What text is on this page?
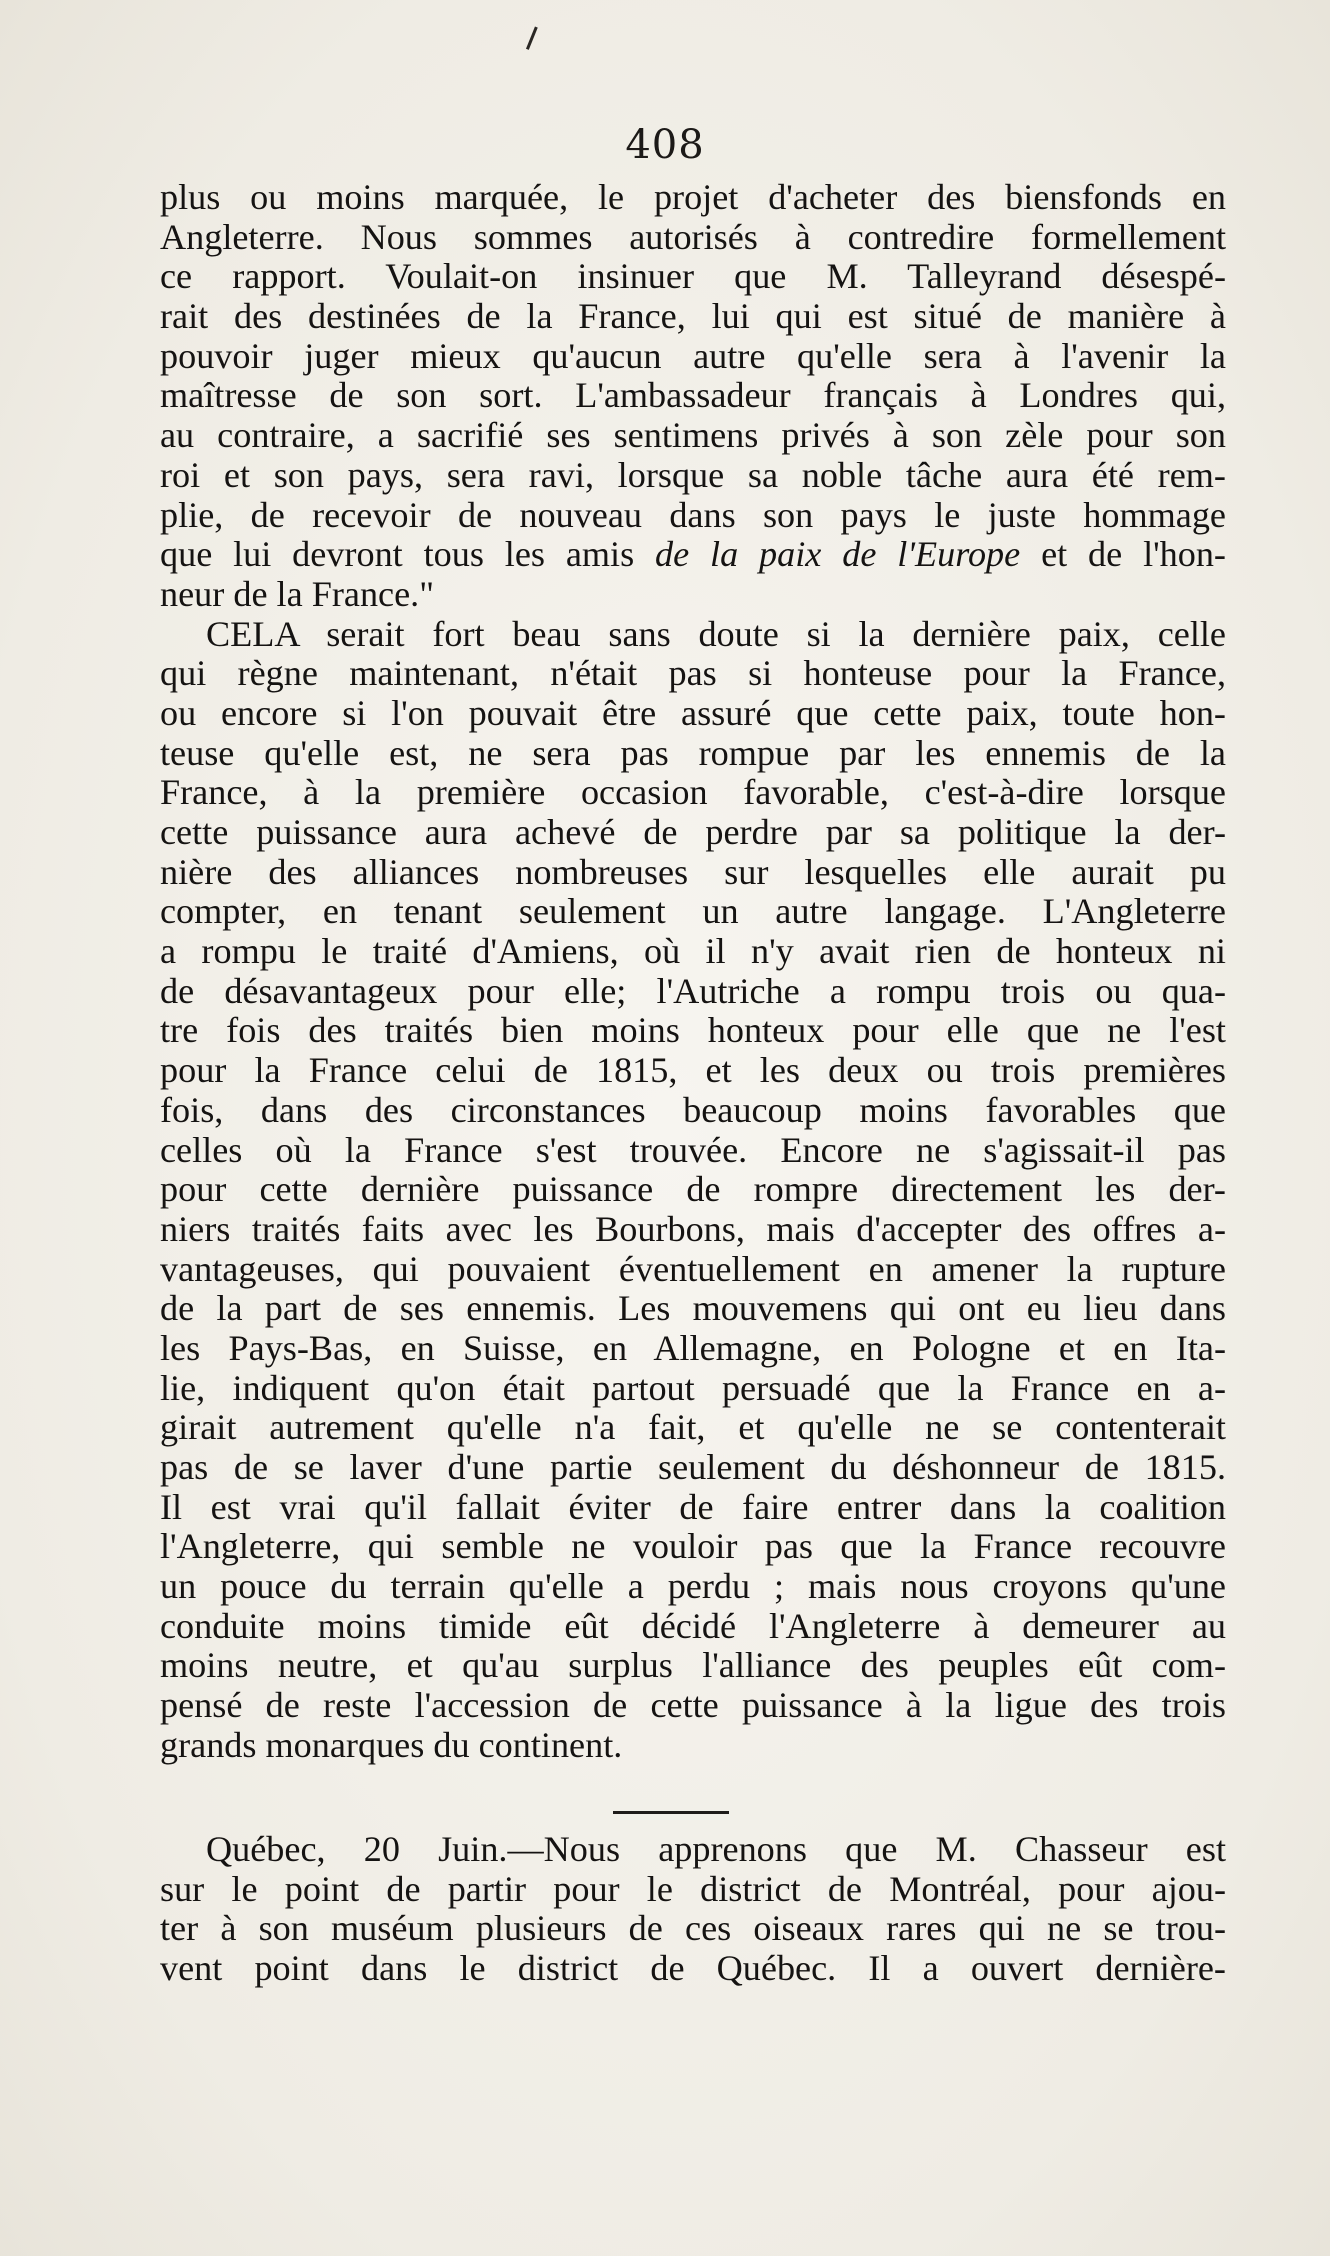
408
plus ou moins marquée, le projet d'acheter des biensfonds en
Angleterre. Nous sommes autorisés à contredire formellement
ce rapport. Voulait-on insinuer que M. Talleyrand désespé-
rait des destinées de la France, lui qui est situé de manière à
pouvoir juger mieux qu'aucun autre qu'elle sera à l'avenir la
maîtresse de son sort. L'ambassadeur français à Londres qui,
au contraire, a sacrifié ses sentimens privés à son zèle pour son
roi et son pays, sera ravi, lorsque sa noble tâche aura été rem-
plie, de recevoir de nouveau dans son pays le juste hommage
que lui devront tous les amis de la paix de l'Europe et de l'hon-
neur de la France."
CELA serait fort beau sans doute si la dernière paix, celle
qui règne maintenant, n'était pas si honteuse pour la France,
ou encore si l'on pouvait être assuré que cette paix, toute hon-
teuse qu'elle est, ne sera pas rompue par les ennemis de la
France, à la première occasion favorable, c'est-à-dire lorsque
cette puissance aura achevé de perdre par sa politique la der-
nière des alliances nombreuses sur lesquelles elle aurait pu
compter, en tenant seulement un autre langage. L'Angleterre
a rompu le traité d'Amiens, où il n'y avait rien de honteux ni
de désavantageux pour elle; l'Autriche a rompu trois ou qua-
tre fois des traités bien moins honteux pour elle que ne l'est
pour la France celui de 1815, et les deux ou trois premières
fois, dans des circonstances beaucoup moins favorables que
celles où la France s'est trouvée. Encore ne s'agissait-il pas
pour cette dernière puissance de rompre directement les der-
niers traités faits avec les Bourbons, mais d'accepter des offres a-
vantageuses, qui pouvaient éventuellement en amener la rupture
de la part de ses ennemis. Les mouvemens qui ont eu lieu dans
les Pays-Bas, en Suisse, en Allemagne, en Pologne et en Ita-
lie, indiquent qu'on était partout persuadé que la France en a-
girait autrement qu'elle n'a fait, et qu'elle ne se contenterait
pas de se laver d'une partie seulement du déshonneur de 1815.
Il est vrai qu'il fallait éviter de faire entrer dans la coalition
l'Angleterre, qui semble ne vouloir pas que la France recouvre
un pouce du terrain qu'elle a perdu ; mais nous croyons qu'une
conduite moins timide eût décidé l'Angleterre à demeurer au
moins neutre, et qu'au surplus l'alliance des peuples eût com-
pensé de reste l'accession de cette puissance à la ligue des trois
grands monarques du continent.
Québec, 20 Juin.—Nous apprenons que M. Chasseur est
sur le point de partir pour le district de Montréal, pour ajou-
ter à son muséum plusieurs de ces oiseaux rares qui ne se trou-
vent point dans le district de Québec. Il a ouvert dernière-
